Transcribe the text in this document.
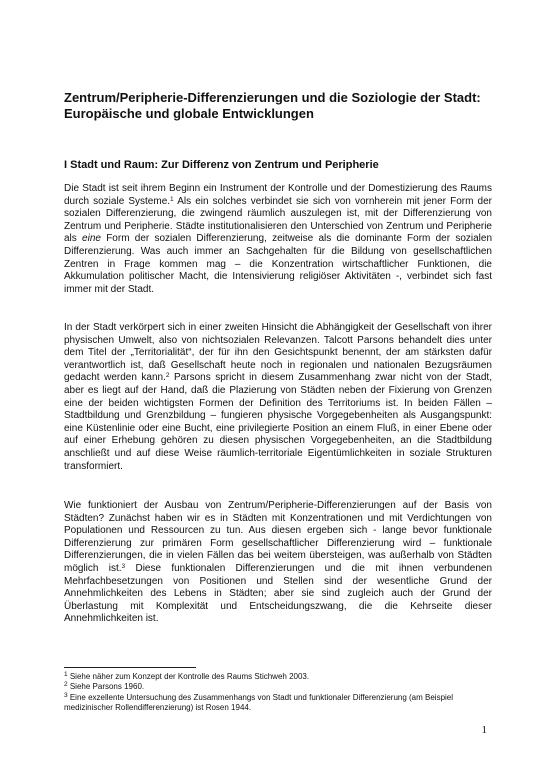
Zentrum/Peripherie-Differenzierungen und die Soziologie der Stadt: Europäische und globale Entwicklungen
I Stadt und Raum: Zur Differenz von Zentrum und Peripherie

Die Stadt ist seit ihrem Beginn ein Instrument der Kontrolle und der Domestizierung des Raums durch soziale Systeme.$^1$ Als ein solches verbindet sie sich von vornherein mit jener Form der sozialen Differenzierung, die zwingend räumlich auszulegen ist, mit der Differenzierung von Zentrum und Peripherie. Städte institutionalisieren den Unterschied von Zentrum und Peripherie als eine Form der sozialen Differenzierung, zeitweise als die dominante Form der sozialen Differenzierung. Was auch immer an Sachgehalten für die Bildung von gesellschaftlichen Zentren in Frage kommen mag – die Konzentration wirtschaftlicher Funktionen, die Akkumulation politischer Macht, die Intensivierung religiöser Aktivitäten -, verbindet sich fast immer mit der Stadt.

In der Stadt verkörpert sich in einer zweiten Hinsicht die Abhängigkeit der Gesellschaft von ihrer physischen Umwelt, also von nichtsozialen Relevanzen. Talcott Parsons behandelt dies unter dem Titel der „Territorialität“, der für ihn den Gesichtspunkt benennt, der am stärksten dafür verantwortlich ist, daß Gesellschaft heute noch in regionalen und nationalen Bezugsräumen gedacht werden kann.$^2$ Parsons spricht in diesem Zusammenhang zwar nicht von der Stadt, aber es liegt auf der Hand, daß die Plazierung von Städten neben der Fixierung von Grenzen eine der beiden wichtigsten Formen der Definition des Territoriums ist. In beiden Fällen – Stadtbildung und Grenzbildung – fungieren physische Vorgegebenheiten als Ausgangspunkt: eine Küstenlinie oder eine Bucht, eine privilegierte Position an einem Fluß, in einer Ebene oder auf einer Erhebung gehören zu diesen physischen Vorgegebenheiten, an die Stadtbildung anschließt und auf diese Weise räumlich-territoriale Eigentümlichkeiten in soziale Strukturen transformiert.

Wie funktioniert der Ausbau von Zentrum/Peripherie-Differenzierungen auf der Basis von Städten? Zunächst haben wir es in Städten mit Konzentrationen und mit Verdichtungen von Populationen und Ressourcen zu tun. Aus diesen ergeben sich - lange bevor funktionale Differenzierung zur primären Form gesellschaftlicher Differenzierung wird – funktionale Differenzierungen, die in vielen Fällen das bei weitem übersteigen, was außerhalb von Städten möglich ist.$^3$ Diese funktionalen Differenzierungen und die mit ihnen verbundenen Mehrfachbesetzungen von Positionen und Stellen sind der wesentliche Grund der Annehmlichkeiten des Lebens in Städten; aber sie sind zugleich auch der Grund der Überlastung mit Komplexität und Entscheidungszwang, die die Kehrseite dieser Annehmlichkeiten ist.

$^1$ Siehe näher zum Konzept der Kontrolle des Raums Stichweh 2003.
$^2$ Siehe Parsons 1960.
$^3$ Eine exzellente Untersuchung des Zusammenhangs von Stadt und funktionaler Differenzierung (am Beispiel medizinischer Rollendifferenzierung) ist Rosen 1944.
1
